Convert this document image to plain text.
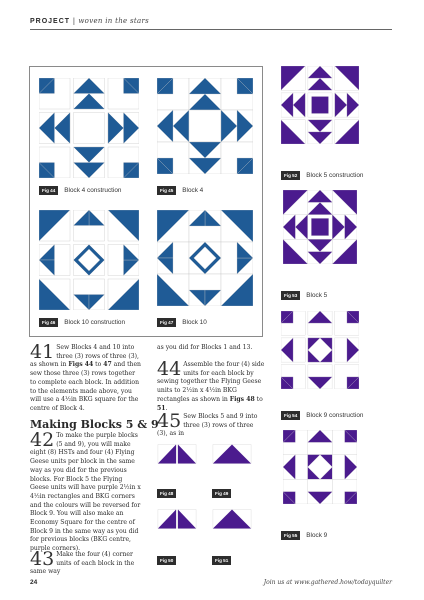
PROJECT | woven in the stars
Fig 44	Block 4 construction	Fig 45	Block 4
Fig 46	Block 10 construction	Fig 47	Block 10
Fig 52	Block 5 construction
Fig 53	Block 5
Fig 54	Block 9 construction
Fig 55	Block 9
Fig 48	Fig 49
Fig 50	Fig 51

41 Sew Blocks 4 and 10 into three (3) rows of three (3), as shown in Figs 44 to 47 and then sew those three (3) rows together to complete each block. In addition to the elements made above, you will use a 4½in BKG square for the centre of Block 4.

Making Blocks 5 & 9

42 To make the purple blocks (5 and 9), you will make eight (8) HSTs and four (4) Flying Geese units per block in the same way as you did for the previous blocks. For Block 5 the Flying Geese units will have purple 2½in x 4½in rectangles and BKG corners and the colours will be reversed for Block 9. You will also make an Economy Square for the centre of Block 9 in the same way as you did for previous blocks (BKG centre, purple corners).

43 Make the four (4) corner units of each block in the same way

as you did for Blocks 1 and 13.

44 Assemble the four (4) side units for each block by sewing together the Flying Geese units to 2½in x 4½in BKG rectangles as shown in Figs 48 to 51.

45 Sew Blocks 5 and 9 into three (3) rows of three (3), as in

24	Join us at www.gathered.how/todayquilter
